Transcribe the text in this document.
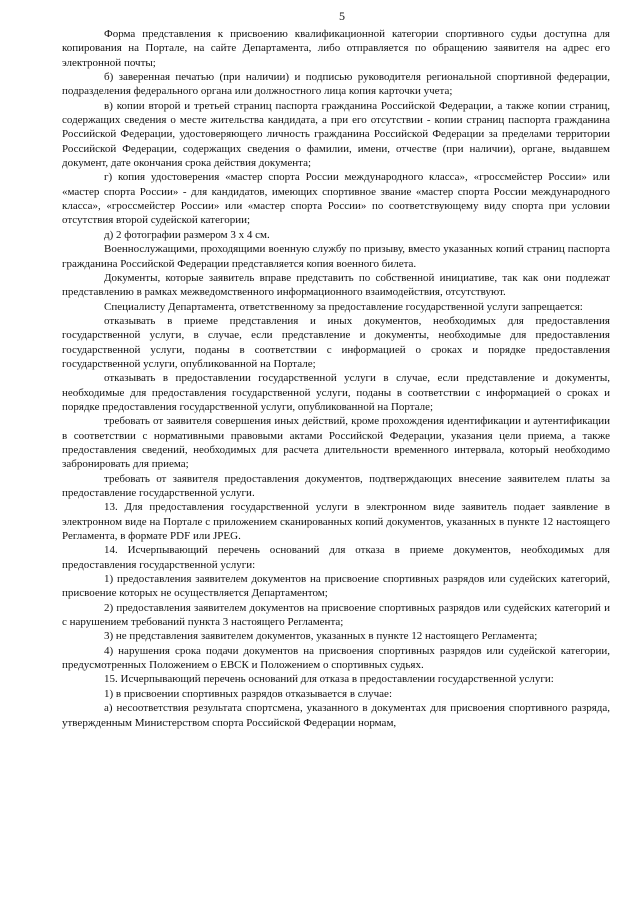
5

Форма представления к присвоению квалификационной категории спортивного судьи доступна для копирования на Портале, на сайте Департамента, либо отправляется по обращению заявителя на адрес его электронной почты;

б) заверенная печатью (при наличии) и подписью руководителя региональной спортивной федерации, подразделения федерального органа или должностного лица копия карточки учета;

в) копии второй и третьей страниц паспорта гражданина Российской Федерации, а также копии страниц, содержащих сведения о месте жительства кандидата, а при его отсутствии - копии страниц паспорта гражданина Российской Федерации, удостоверяющего личность гражданина Российской Федерации за пределами территории Российской Федерации, содержащих сведения о фамилии, имени, отчестве (при наличии), органе, выдавшем документ, дате окончания срока действия документа;

г) копия удостоверения «мастер спорта России международного класса», «гроссмейстер России» или «мастер спорта России» - для кандидатов, имеющих спортивное звание «мастер спорта России международного класса», «гроссмейстер России» или «мастер спорта России» по соответствующему виду спорта при условии отсутствия второй судейской категории;

д) 2 фотографии размером 3 х 4 см.

Военнослужащими, проходящими военную службу по призыву, вместо указанных копий страниц паспорта гражданина Российской Федерации представляется копия военного билета.

Документы, которые заявитель вправе представить по собственной инициативе, так как они подлежат представлению в рамках межведомственного информационного взаимодействия, отсутствуют.

Специалисту Департамента, ответственному за предоставление государственной услуги запрещается:

отказывать в приеме представления и иных документов, необходимых для предоставления государственной услуги, в случае, если представление и документы, необходимые для предоставления государственной услуги, поданы в соответствии с информацией о сроках и порядке предоставления государственной услуги, опубликованной на Портале;

отказывать в предоставлении государственной услуги в случае, если представление и документы, необходимые для предоставления государственной услуги, поданы в соответствии с информацией о сроках и порядке предоставления государственной услуги, опубликованной на Портале;

требовать от заявителя совершения иных действий, кроме прохождения идентификации и аутентификации в соответствии с нормативными правовыми актами Российской Федерации, указания цели приема, а также предоставления сведений, необходимых для расчета длительности временного интервала, который необходимо забронировать для приема;

требовать от заявителя предоставления документов, подтверждающих внесение заявителем платы за предоставление государственной услуги.

13. Для предоставления государственной услуги в электронном виде заявитель подает заявление в электронном виде на Портале с приложением сканированных копий документов, указанных в пункте 12 настоящего Регламента, в формате PDF или JPEG.

14. Исчерпывающий перечень оснований для отказа в приеме документов, необходимых для предоставления государственной услуги:

1) предоставления заявителем документов на присвоение спортивных разрядов или судейских категорий, присвоение которых не осуществляется Департаментом;

2) предоставления заявителем документов на присвоение спортивных разрядов или судейских категорий и с нарушением требований пункта 3 настоящего Регламента;

3) не представления заявителем документов, указанных в пункте 12 настоящего Регламента;

4) нарушения срока подачи документов на присвоения спортивных разрядов или судейской категории, предусмотренных Положением о ЕВСК и Положением о спортивных судьях.

15. Исчерпывающий перечень оснований для отказа в предоставлении государственной услуги:

1) в присвоении спортивных разрядов отказывается в случае:

а) несоответствия результата спортсмена, указанного в документах для присвоения спортивного разряда, утвержденным Министерством спорта Российской Федерации нормам,
